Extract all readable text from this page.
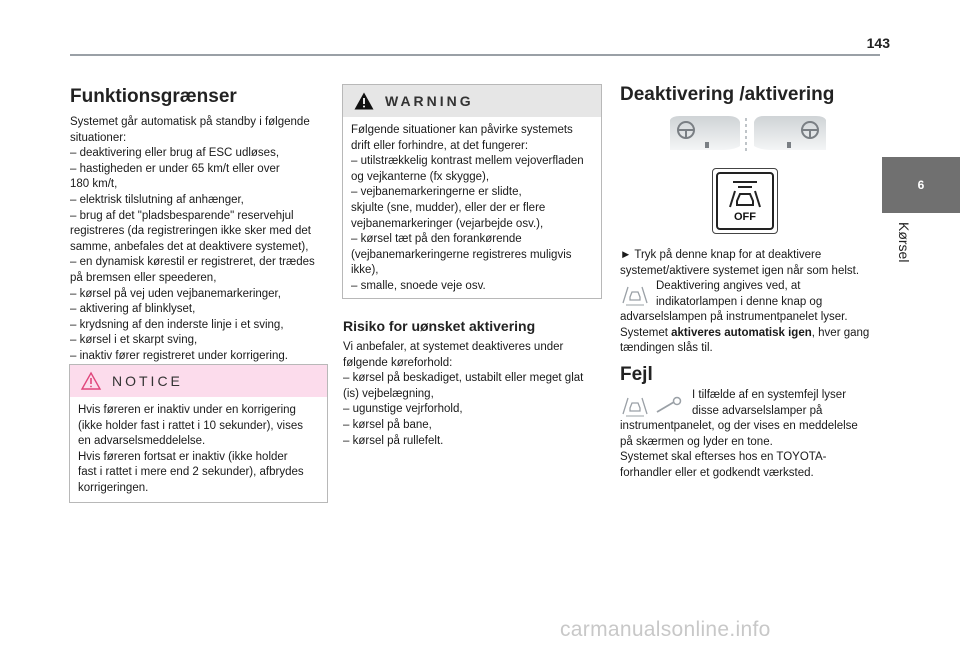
143
6
Kørsel
Funktionsgrænser
Systemet går automatisk på standby i følgende
situationer:
– deaktivering eller brug af ESC udløses,
– hastigheden er under 65 km/t eller over
180 km/t,
– elektrisk tilslutning af anhænger,
– brug af det "pladsbesparende" reservehjul
registreres (da registreringen ikke sker med det
samme, anbefales det at deaktivere systemet),
– en dynamisk kørestil er registreret, der trædes
på bremsen eller speederen,
– kørsel på vej uden vejbanemarkeringer,
– aktivering af blinklyset,
– krydsning af den inderste linje i et sving,
– kørsel i et skarpt sving,
– inaktiv fører registreret under korrigering.
NOTICE
Hvis føreren er inaktiv under en korrigering
(ikke holder fast i rattet i 10 sekunder), vises
en advarselsmeddelelse.
Hvis føreren fortsat er inaktiv (ikke holder
fast i rattet i mere end 2 sekunder), afbrydes
korrigeringen.
WARNING
Følgende situationer kan påvirke systemets
drift eller forhindre, at det fungerer:
– utilstrækkelig kontrast mellem vejoverfladen
og vejkanterne (fx skygge),
– vejbanemarkeringerne er slidte,
skjulte (sne, mudder), eller der er flere
vejbanemarkeringer (vejarbejde osv.),
– kørsel tæt på den forankørende
(vejbanemarkeringerne registreres muligvis
ikke),
– smalle, snoede veje osv.
Risiko for uønsket aktivering
Vi anbefaler, at systemet deaktiveres under
følgende køreforhold:
– kørsel på beskadiget, ustabilt eller meget glat
(is) vejbelægning,
– ugunstige vejrforhold,
– kørsel på bane,
– kørsel på rullefelt.
Deaktivering /aktivering
OFF
► Tryk på denne knap for at deaktivere
systemet/aktivere systemet igen når som helst.
Deaktivering angives ved, at
indikatorlampen i denne knap og
advarselslampen på instrumentpanelet lyser.
Systemet aktiveres automatisk igen, hver gang
tændingen slås til.
Fejl
I tilfælde af en systemfejl lyser
disse advarselslamper på
instrumentpanelet, og der vises en meddelelse
på skærmen og lyder en tone.
Systemet skal efterses hos en TOYOTA-
forhandler eller et godkendt værksted.
carmanualsonline.info
